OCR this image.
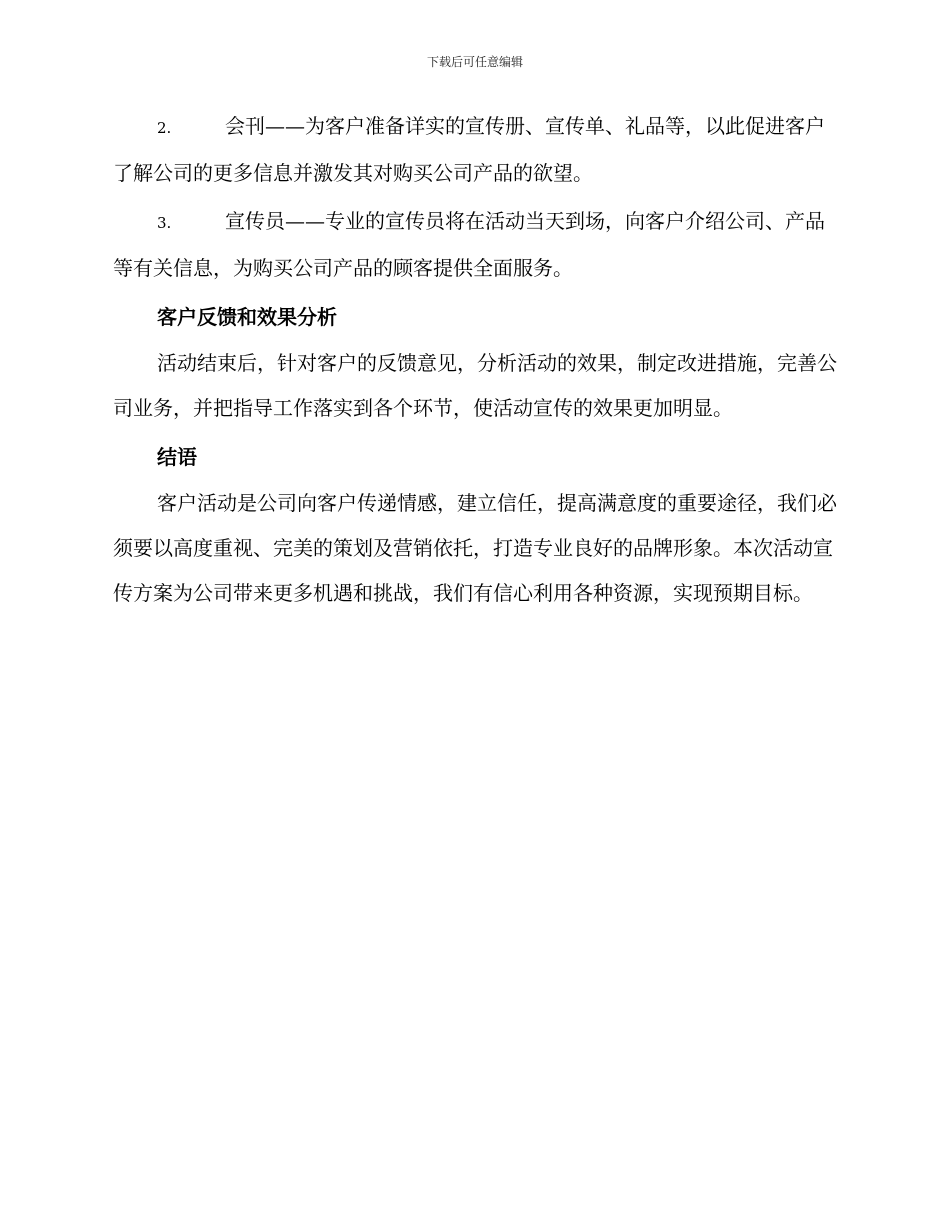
下载后可任意编辑

2.	会刊——为客户准备详实的宣传册、宣传单、礼品等，以此促进客户了解公司的更多信息并激发其对购买公司产品的欲望。

3.	宣传员——专业的宣传员将在活动当天到场，向客户介绍公司、产品等有关信息，为购买公司产品的顾客提供全面服务。

客户反馈和效果分析

活动结束后，针对客户的反馈意见，分析活动的效果，制定改进措施，完善公司业务，并把指导工作落实到各个环节，使活动宣传的效果更加明显。

结语

客户活动是公司向客户传递情感，建立信任，提高满意度的重要途径，我们必须要以高度重视、完美的策划及营销依托，打造专业良好的品牌形象。本次活动宣传方案为公司带来更多机遇和挑战，我们有信心利用各种资源，实现预期目标。
